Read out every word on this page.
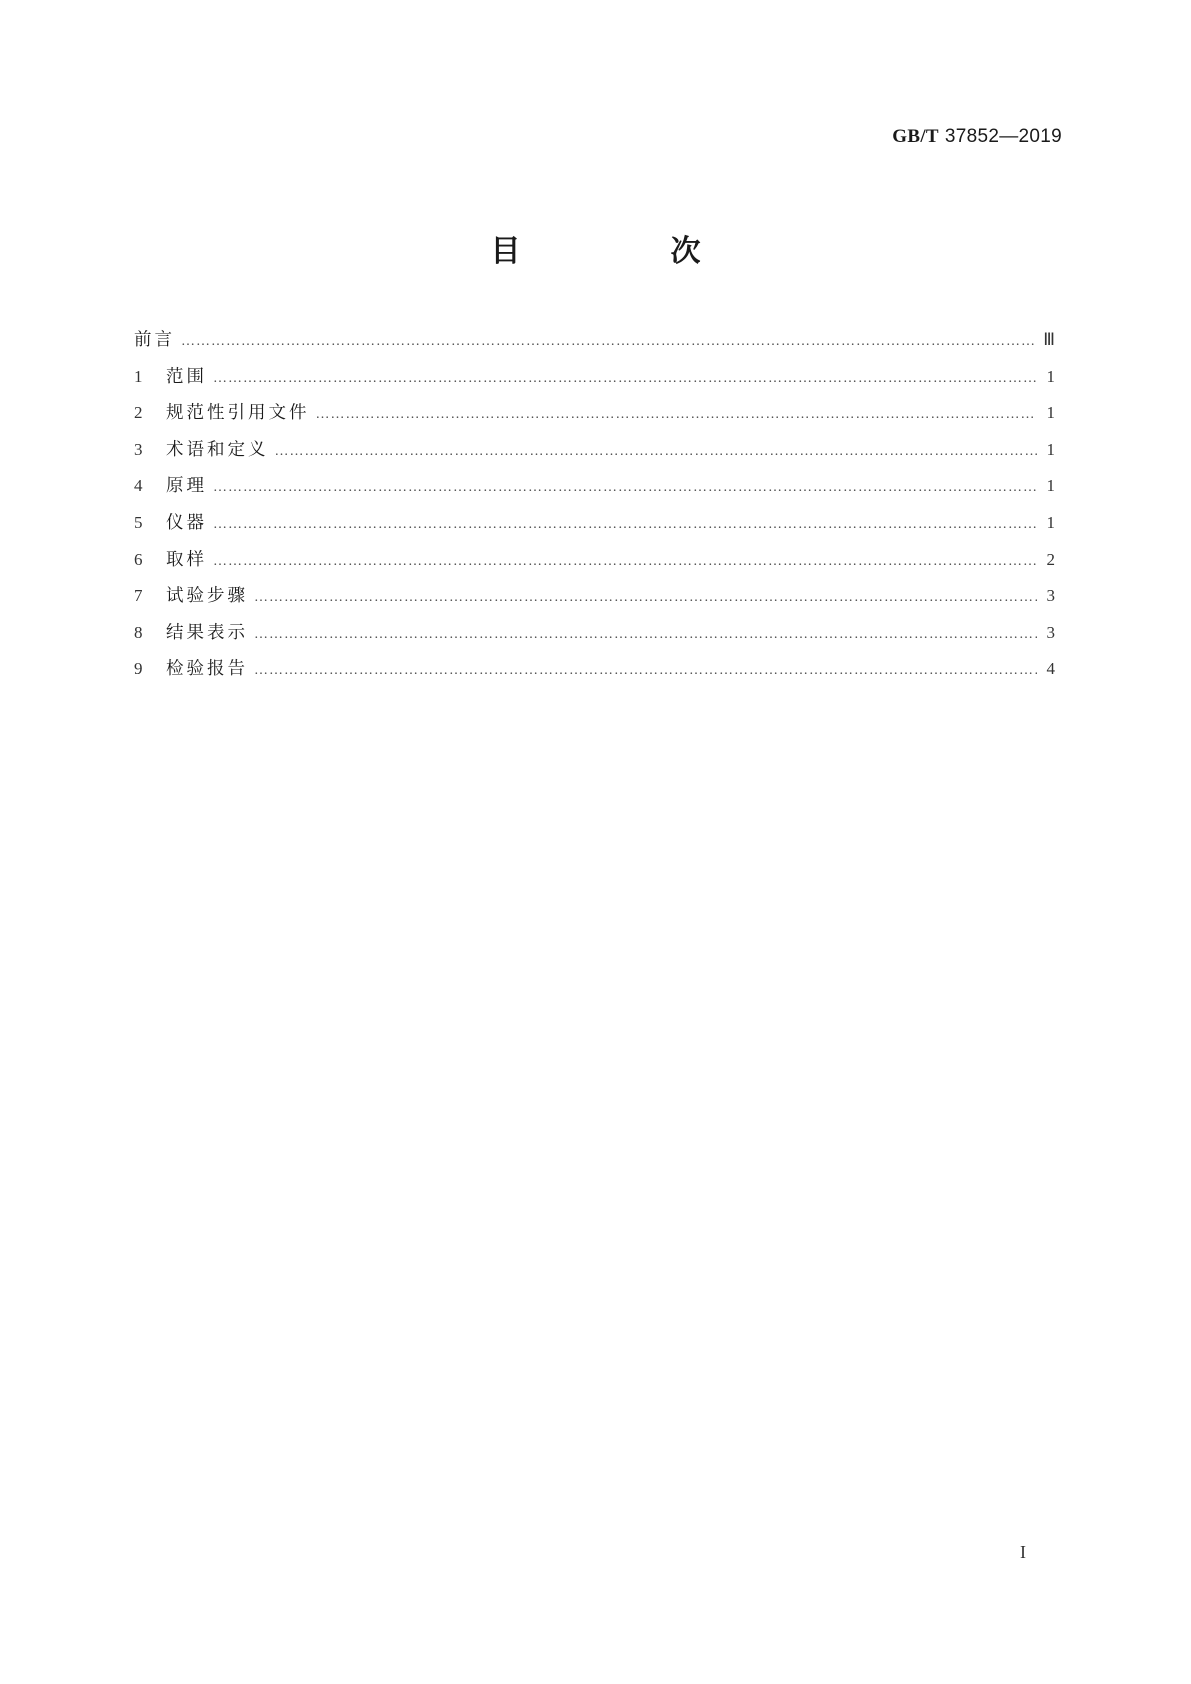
GB/T 37852—2019
目　次
前言 …………………………………………………………………………………………………………………………………………………………………………………………………………………………………………………………	Ⅲ
1	范围 …………………………………………………………………………………………………………………………………………………………………………………………………………………………………………………………	1
2	规范性引用文件 …………………………………………………………………………………………………………………………………………………………………………………………………………………………………………………………	1
3	术语和定义 …………………………………………………………………………………………………………………………………………………………………………………………………………………………………………………………	1
4	原理 …………………………………………………………………………………………………………………………………………………………………………………………………………………………………………………………	1
5	仪器 …………………………………………………………………………………………………………………………………………………………………………………………………………………………………………………………	1
6	取样 …………………………………………………………………………………………………………………………………………………………………………………………………………………………………………………………	2
7	试验步骤 …………………………………………………………………………………………………………………………………………………………………………………………………………………………………………………………	3
8	结果表示 …………………………………………………………………………………………………………………………………………………………………………………………………………………………………………………………	3
9	检验报告 …………………………………………………………………………………………………………………………………………………………………………………………………………………………………………………………	4
I
